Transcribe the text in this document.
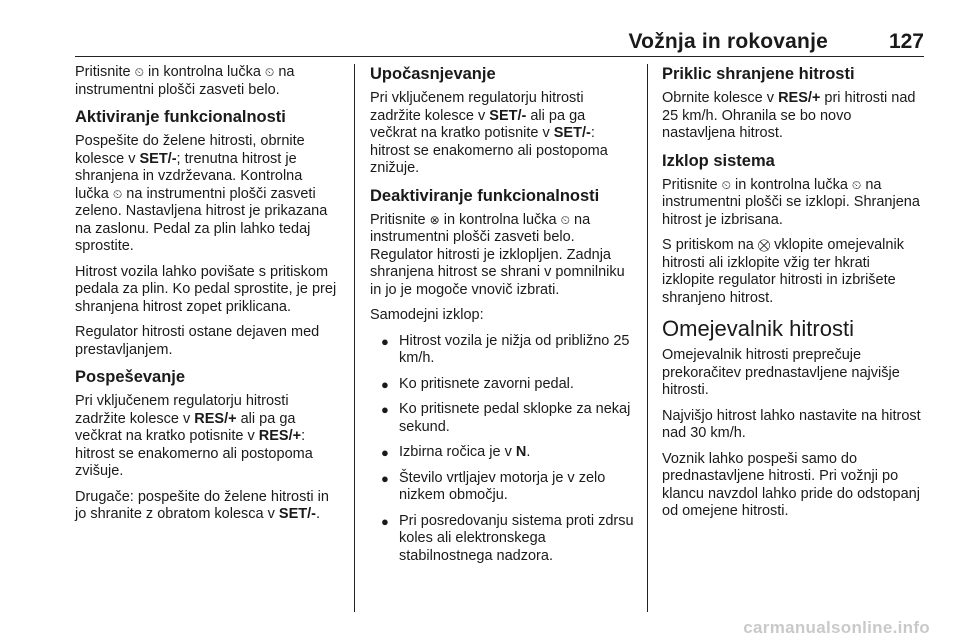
Vožnja in rokovanje	127

Pritisnite ⏲ in kontrolna lučka ⏲ na instrumentni plošči zasveti belo.

Aktiviranje funkcionalnosti

Pospešite do želene hitrosti, obrnite kolesce v SET/-; trenutna hitrost je shranjena in vzdrževana. Kontrolna lučka ⏲ na instrumentni plošči zasveti zeleno. Nastavljena hitrost je prikazana na zaslonu. Pedal za plin lahko tedaj sprostite.

Hitrost vozila lahko povišate s pritiskom pedala za plin. Ko pedal sprostite, je prej shranjena hitrost zopet priklicana.

Regulator hitrosti ostane dejaven med prestavljanjem.

Pospeševanje

Pri vključenem regulatorju hitrosti zadržite kolesce v RES/+ ali pa ga večkrat na kratko potisnite v RES/+: hitrost se enakomerno ali postopoma zvišuje.

Drugače: pospešite do želene hitrosti in jo shranite z obratom kolesca v SET/-.

Upočasnjevanje

Pri vključenem regulatorju hitrosti zadržite kolesce v SET/- ali pa ga večkrat na kratko potisnite v SET/-: hitrost se enakomerno ali postopoma znižuje.

Deaktiviranje funkcionalnosti

Pritisnite ⊗ in kontrolna lučka ⏲ na instrumentni plošči zasveti belo. Regulator hitrosti je izklopljen. Zadnja shranjena hitrost se shrani v pomnilniku in jo je mogoče vnovič izbrati.

Samodejni izklop:

● Hitrost vozila je nižja od približno 25 km/h.
● Ko pritisnete zavorni pedal.
● Ko pritisnete pedal sklopke za nekaj sekund.
● Izbirna ročica je v N.
● Število vrtljajev motorja je v zelo nizkem območju.
● Pri posredovanju sistema proti zdrsu koles ali elektronskega stabilnostnega nadzora.
Priklic shranjene hitrosti

Obrnite kolesce v RES/+ pri hitrosti nad 25 km/h. Ohranila se bo novo nastavljena hitrost.

Izklop sistema

Pritisnite ⏲ in kontrolna lučka ⏲ na instrumentni plošči se izklopi. Shranjena hitrost je izbrisana.

S pritiskom na ⛒ vklopite omejevalnik hitrosti ali izklopite vžig ter hkrati izklopite regulator hitrosti in izbrišete shranjeno hitrost.

Omejevalnik hitrosti

Omejevalnik hitrosti preprečuje prekoračitev prednastavljene najvišje hitrosti.

Najvišjo hitrost lahko nastavite na hitrost nad 30 km/h.

Voznik lahko pospeši samo do prednastavljene hitrosti. Pri vožnji po klancu navzdol lahko pride do odstopanj od omejene hitrosti.

carmanualsonline.info
